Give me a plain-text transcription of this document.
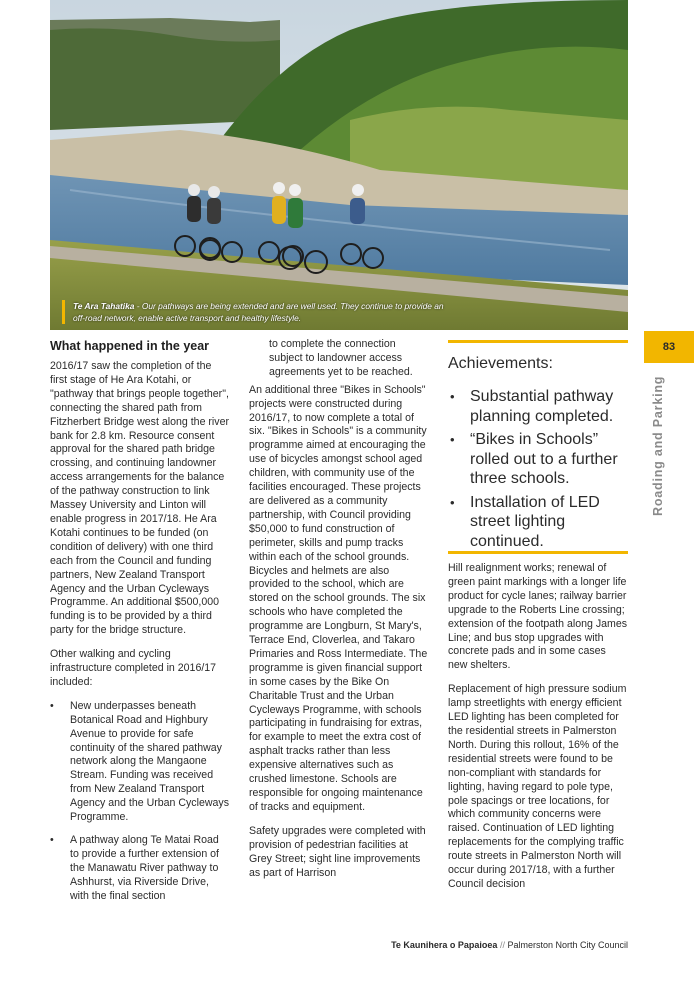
Te Ara Tahatika - Our pathways are being extended and are well used. They continue to provide an off-road network, enable active transport and healthy lifestyle.
What happened in the year

2016/17 saw the completion of the first stage of He Ara Kotahi, or "pathway that brings people together", connecting the shared path from Fitzherbert Bridge west along the river bank for 2.8 km. Resource consent approval for the shared path bridge crossing, and continuing landowner access arrangements for the balance of the pathway construction to link Massey University and Linton will enable progress in 2017/18. He Ara Kotahi continues to be funded (on condition of delivery) with one third each from the Council and funding partners, New Zealand Transport Agency and the Urban Cycleways Programme. An additional $500,000 funding is to be provided by a third party for the bridge structure.

Other walking and cycling infrastructure completed in 2016/17 included:

• New underpasses beneath Botanical Road and Highbury Avenue to provide for safe continuity of the shared pathway network along the Mangaone Stream. Funding was received from New Zealand Transport Agency and the Urban Cycleways Programme.
• A pathway along Te Matai Road to provide a further extension of the Manawatu River pathway to Ashhurst, via Riverside Drive, with the final section

to complete the connection subject to landowner access agreements yet to be reached.

An additional three "Bikes in Schools" projects were constructed during 2016/17, to now complete a total of six. "Bikes in Schools" is a community programme aimed at encouraging the use of bicycles amongst school aged children, with community use of the facilities encouraged. These projects are delivered as a community partnership, with Council providing $50,000 to fund construction of perimeter, skills and pump tracks within each of the school grounds. Bicycles and helmets are also provided to the school, which are stored on the school grounds. The six schools who have completed the programme are Longburn, St Mary's, Terrace End, Cloverlea, and Takaro Primaries and Ross Intermediate. The programme is given financial support in some cases by the Bike On Charitable Trust and the Urban Cycleways Programme, with schools participating in fundraising for extras, for example to meet the extra cost of asphalt tracks rather than less expensive alternatives such as crushed limestone. Schools are responsible for ongoing maintenance of tracks and equipment.

Safety upgrades were completed with provision of pedestrian facilities at Grey Street; sight line improvements as part of Harrison

Achievements:
• Substantial pathway planning completed.
• “Bikes in Schools” rolled out to a further three schools.
• Installation of LED street lighting continued.

Hill realignment works; renewal of green paint markings with a longer life product for cycle lanes; railway barrier upgrade to the Roberts Line crossing; extension of the footpath along James Line; and bus stop upgrades with concrete pads and in some cases new shelters.

Replacement of high pressure sodium lamp streetlights with energy efficient LED lighting has been completed for the residential streets in Palmerston North. During this rollout, 16% of the residential streets were found to be non-compliant with standards for lighting, having regard to pole type, pole spacings or tree locations, for which community concerns were raised. Continuation of LED lighting replacements for the complying traffic route streets in Palmerston North will occur during 2017/18, with a further Council decision

83
Roading and Parking
Te Kaunihera o Papaioea // Palmerston North City Council
